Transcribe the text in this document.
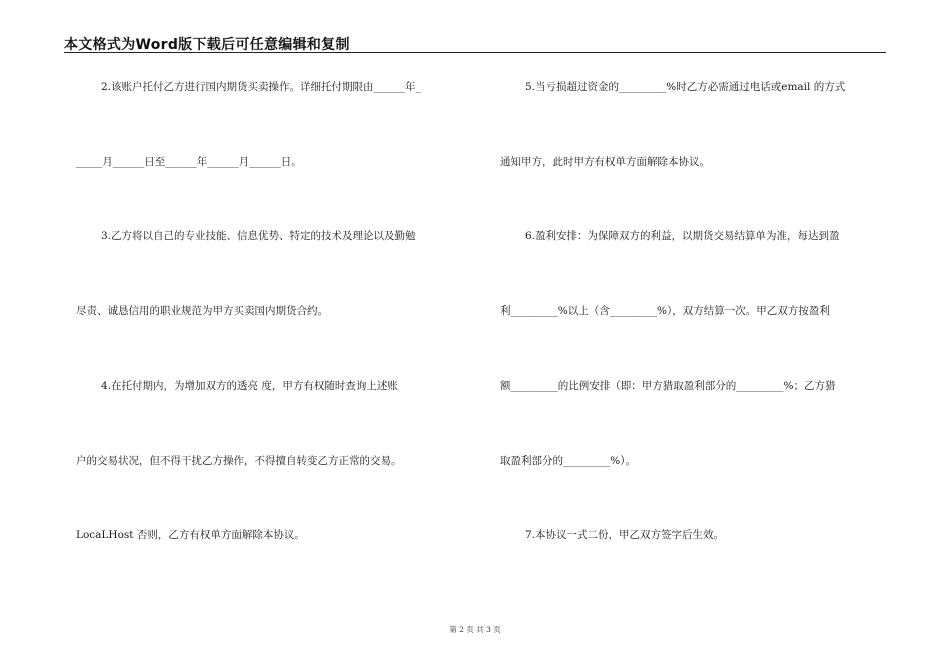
本文格式为Word版下载后可任意编辑和复制
2.该账户托付乙方进行国内期货买卖操作。详细托付期限由______年_
_____月______日至______年______月______日。
3.乙方将以自己的专业技能、信息优势、特定的技术及理论以及勤勉
尽责、诚恳信用的职业规范为甲方买卖国内期货合约。
4.在托付期内，为增加双方的透亮 度，甲方有权随时查询上述账
户的交易状况，但不得干扰乙方操作，不得擅自转变乙方正常的交易。
LocaLHost 否则，乙方有权单方面解除本协议。
5.当亏损超过资金的_________%时乙方必需通过电话或email 的方式
通知甲方，此时甲方有权单方面解除本协议。
6.盈利安排：为保障双方的利益，以期货交易结算单为准，每达到盈
利_________%以上（含_________%），双方结算一次。甲乙双方按盈利
额_________的比例安排（即：甲方猎取盈利部分的_________%；乙方猎
取盈利部分的_________%）。
7.本协议一式二份，甲乙双方签字后生效。
第 2 页 共 3 页
